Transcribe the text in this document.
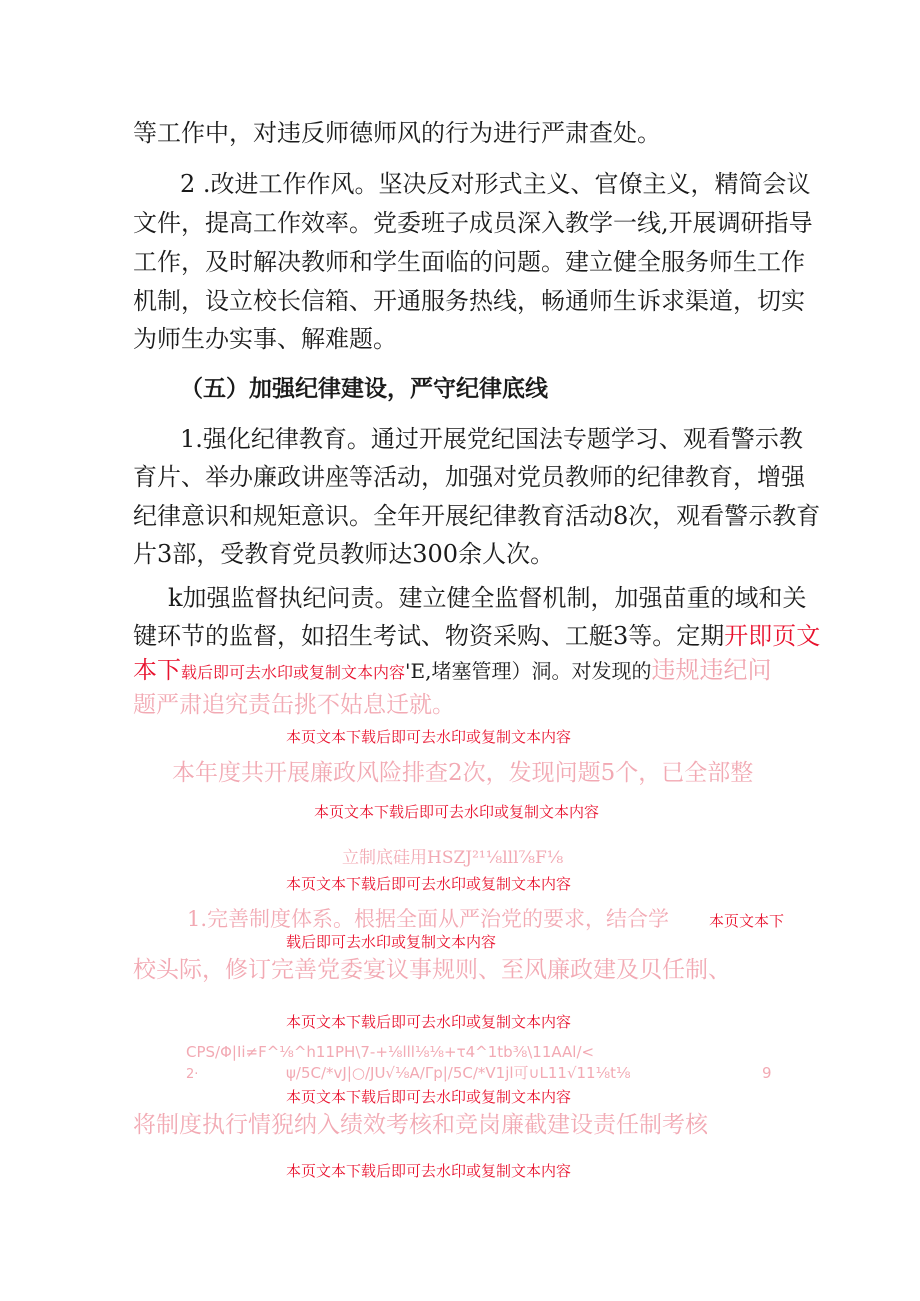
等工作中，对违反师德师风的行为进行严肃查处。
2 .改进工作作风。坚决反对形式主义、官僚主义，精简会议
文件，提高工作效率。党委班子成员深入教学一线,开展调研指导
工作，及时解决教师和学生面临的问题。建立健全服务师生工作
机制，设立校长信箱、开通服务热线，畅通师生诉求渠道，切实
为师生办实事、解难题。
（五）加强纪律建设，严守纪律底线
1.强化纪律教育。通过开展党纪国法专题学习、观看警示教
育片、举办廉政讲座等活动，加强对党员教师的纪律教育，增强
纪律意识和规矩意识。全年开展纪律教育活动8次，观看警示教育
片3部，受教育党员教师达300余人次。
k加强监督执纪问责。建立健全监督机制，加强苗重的域和关
键环节的监督，如招生考试、物资采购、工艇3等。定期开即页文
本下载后即可去水印或复制文本内容'E,堵塞管理）洞。对发现的违规违纪问
题严肃追究责缶挑不姑息迁就。
本页文本下载后即可去水印或复制文本内容
本年度共开展廉政风险排查2次，发现问题5个，已全部整
本页文本下载后即可去水印或复制文本内容
立制底硅用HSZJ²¹⅛lll⅞F⅛
本页文本下载后即可去水印或复制文本内容
1.完善制度体系。根据全面从严治党的要求，结合学	本页文本下
载后即可去水印或复制文本内容
校头际，修订完善党委宴议事规则、至风廉政建及贝任制、
本页文本下载后即可去水印或复制文本内容
CPS/Φ|Ii≠F^⅛^h11PH\7-+⅛lll⅛⅛+τ4^1tb⅜\11AAl/<
2·	ψ/5C∕*vJ|○/JU√⅛A∕Γp|/5C∕*V1jl可∪L11√11⅛t⅛	9
本页文本下载后即可去水印或复制文本内容
将制度执行情猊纳入绩效考核和竞岗廉截建设责任制考核
本页文本下载后即可去水印或复制文本内容
